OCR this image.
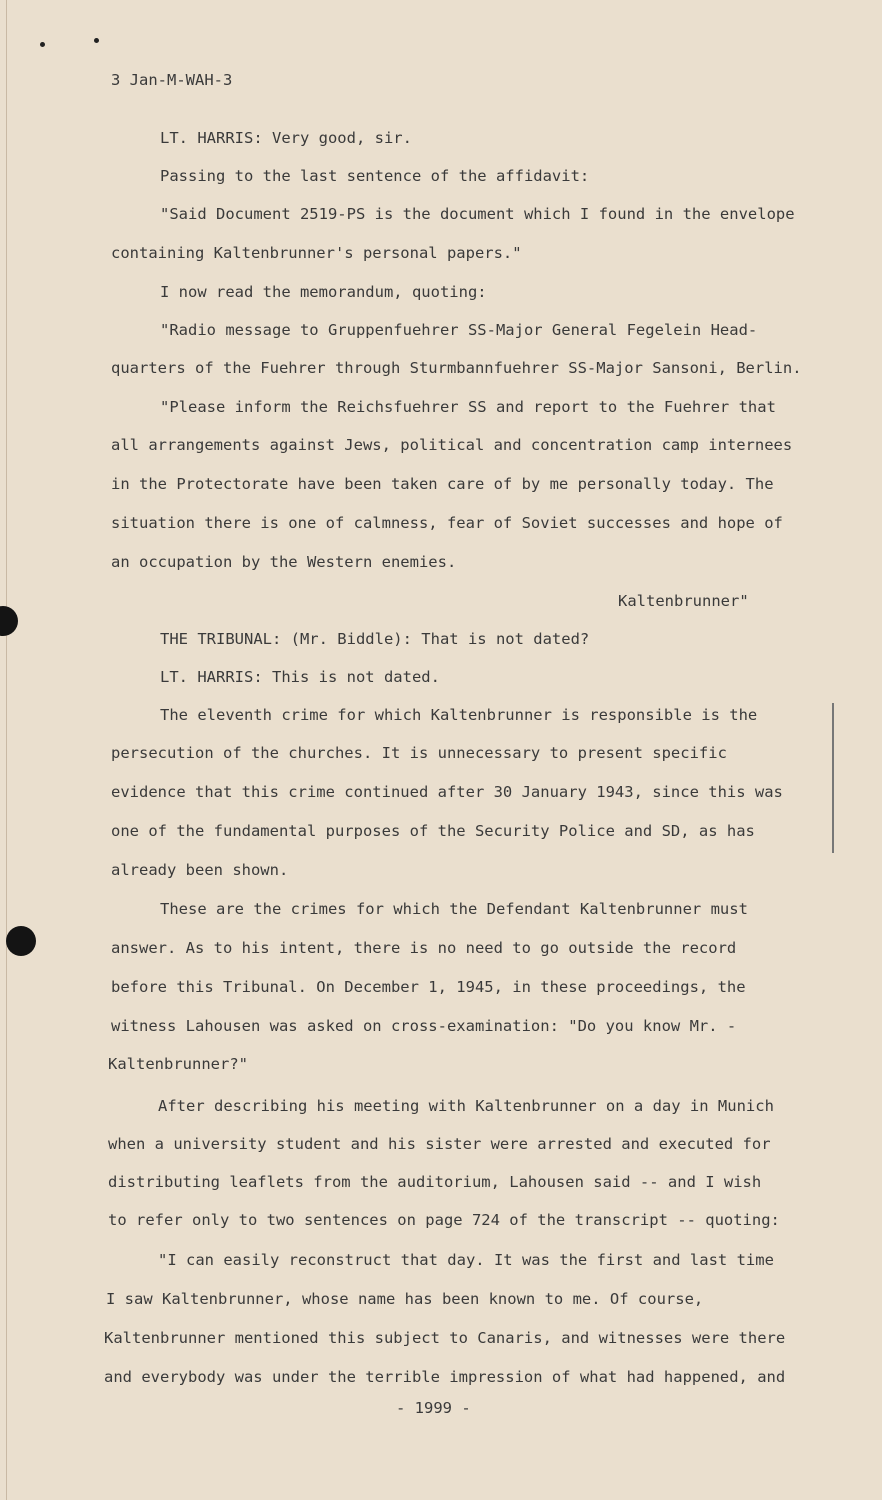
3 Jan-M-WAH-3
LT. HARRIS: Very good, sir.
Passing to the last sentence of the affidavit:
"Said Document 2519-PS is the document which I found in the envelope
containing Kaltenbrunner's personal papers."
I now read the memorandum, quoting:
"Radio message to Gruppenfuehrer SS-Major General Fegelein Head-
quarters of the Fuehrer through Sturmbannfuehrer SS-Major Sansoni, Berlin.
"Please inform the Reichsfuehrer SS and report to the Fuehrer that
all arrangements against Jews, political and concentration camp internees
in the Protectorate have been taken care of by me personally today. The
situation there is one of calmness, fear of Soviet successes and hope of
an occupation by the Western enemies.
Kaltenbrunner"
THE TRIBUNAL: (Mr. Biddle): That is not dated?
LT. HARRIS: This is not dated.
The eleventh crime for which Kaltenbrunner is responsible is the
persecution of the churches. It is unnecessary to present specific
evidence that this crime continued after 30 January 1943, since this was
one of the fundamental purposes of the Security Police and SD, as has
already been shown.
These are the crimes for which the Defendant Kaltenbrunner must
answer. As to his intent, there is no need to go outside the record
before this Tribunal. On December 1, 1945, in these proceedings, the
witness Lahousen was asked on cross-examination: "Do you know Mr. -
Kaltenbrunner?"
After describing his meeting with Kaltenbrunner on a day in Munich
when a university student and his sister were arrested and executed for
distributing leaflets from the auditorium, Lahousen said -- and I wish
to refer only to two sentences on page 724 of the transcript -- quoting:
"I can easily reconstruct that day. It was the first and last time
I saw Kaltenbrunner, whose name has been known to me. Of course,
Kaltenbrunner mentioned this subject to Canaris, and witnesses were there
and everybody was under the terrible impression of what had happened, and
- 1999 -
